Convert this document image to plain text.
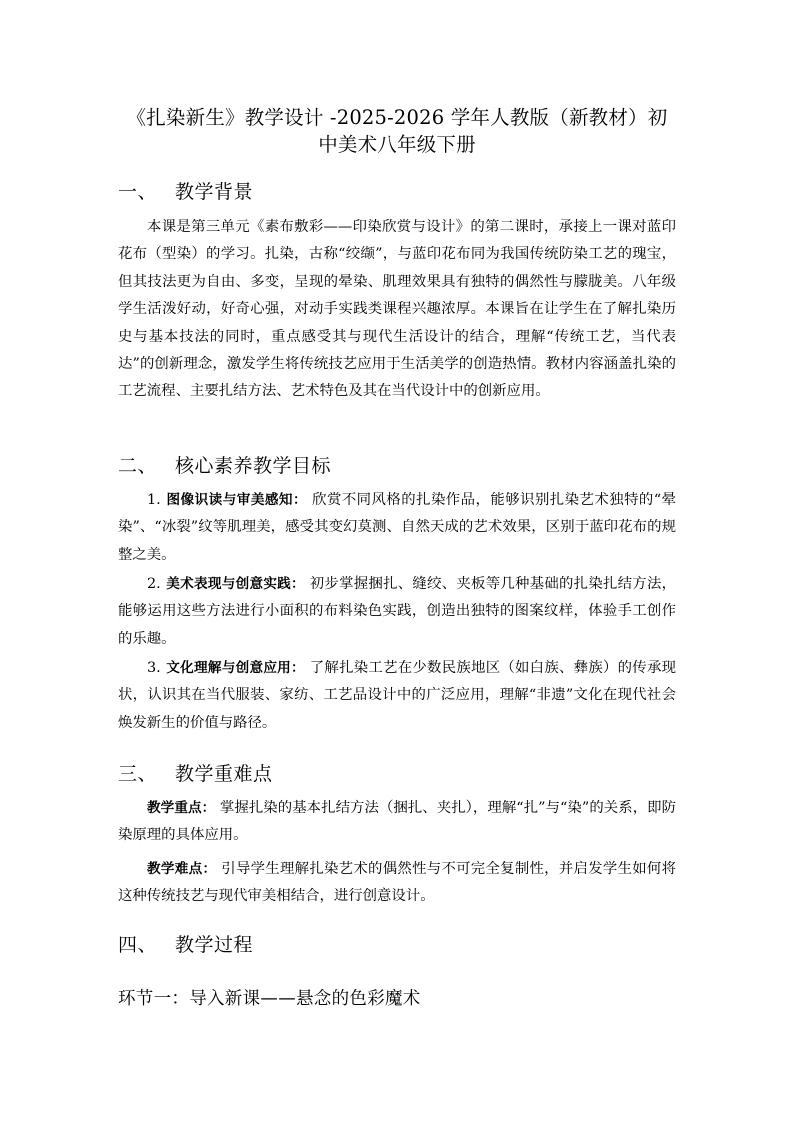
《扎染新生》教学设计 -2025-2026 学年人教版（新教材）初
中美术八年级下册
一、 教学背景
本课是第三单元《素布敷彩——印染欣赏与设计》的第二课时，承接上一课对蓝印花布（型染）的学习。扎染，古称“绞缬”，与蓝印花布同为我国传统防染工艺的瑰宝，但其技法更为自由、多变，呈现的晕染、肌理效果具有独特的偶然性与朦胧美。八年级学生活泼好动，好奇心强，对动手实践类课程兴趣浓厚。本课旨在让学生在了解扎染历史与基本技法的同时，重点感受其与现代生活设计的结合，理解“传统工艺，当代表达”的创新理念，激发学生将传统技艺应用于生活美学的创造热情。教材内容涵盖扎染的工艺流程、主要扎结方法、艺术特色及其在当代设计中的创新应用。
二、 核心素养教学目标
1. 图像识读与审美感知： 欣赏不同风格的扎染作品，能够识别扎染艺术独特的“晕染”、“冰裂”纹等肌理美，感受其变幻莫测、自然天成的艺术效果，区别于蓝印花布的规整之美。
2. 美术表现与创意实践： 初步掌握捆扎、缝绞、夹板等几种基础的扎染扎结方法，能够运用这些方法进行小面积的布料染色实践，创造出独特的图案纹样，体验手工创作的乐趣。
3. 文化理解与创意应用： 了解扎染工艺在少数民族地区（如白族、彝族）的传承现状，认识其在当代服装、家纺、工艺品设计中的广泛应用，理解“非遗”文化在现代社会焕发新生的价值与路径。
三、 教学重难点
教学重点： 掌握扎染的基本扎结方法（捆扎、夹扎），理解“扎”与“染”的关系，即防染原理的具体应用。
教学难点： 引导学生理解扎染艺术的偶然性与不可完全复制性，并启发学生如何将这种传统技艺与现代审美相结合，进行创意设计。
四、 教学过程
环节一：导入新课——悬念的色彩魔术
